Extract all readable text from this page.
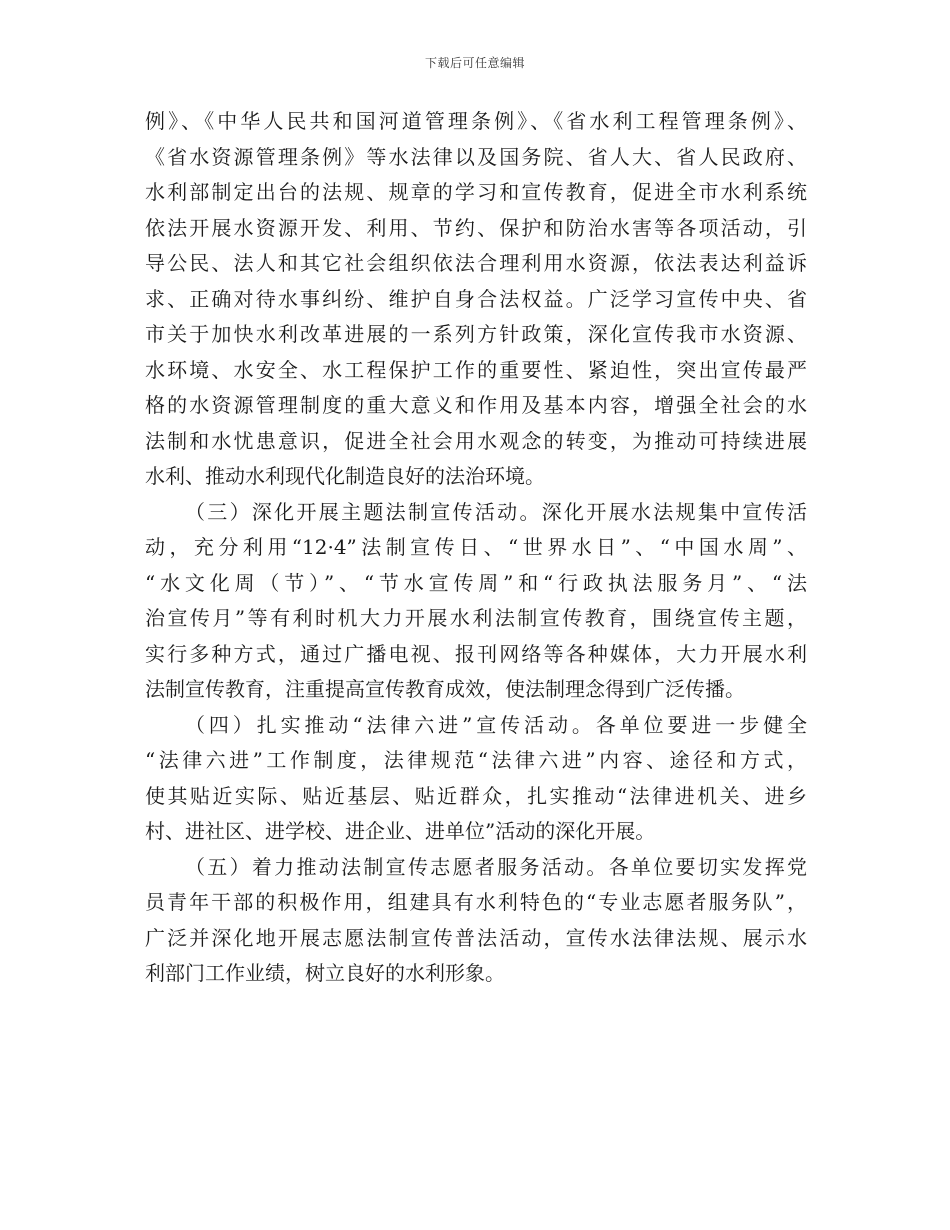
下载后可任意编辑
例》、《中华人民共和国河道管理条例》、《省水利工程管理条例》、
《省水资源管理条例》等水法律以及国务院、省人大、省人民政府、
水利部制定出台的法规、规章的学习和宣传教育，促进全市水利系统
依法开展水资源开发、利用、节约、保护和防治水害等各项活动，引
导公民、法人和其它社会组织依法合理利用水资源，依法表达利益诉
求、正确对待水事纠纷、维护自身合法权益。广泛学习宣传中央、省
市关于加快水利改革进展的一系列方针政策，深化宣传我市水资源、
水环境、水安全、水工程保护工作的重要性、紧迫性，突出宣传最严
格的水资源管理制度的重大意义和作用及基本内容，增强全社会的水
法制和水忧患意识，促进全社会用水观念的转变，为推动可持续进展
水利、推动水利现代化制造良好的法治环境。
（三）深化开展主题法制宣传活动。深化开展水法规集中宣传活
动，充分利用“12·4”法制宣传日、“世界水日”、“中国水周”、
“水文化周（节）”、“节水宣传周”和“行政执法服务月”、“法
治宣传月”等有利时机大力开展水利法制宣传教育，围绕宣传主题，
实行多种方式，通过广播电视、报刊网络等各种媒体，大力开展水利
法制宣传教育，注重提高宣传教育成效，使法制理念得到广泛传播。
（四）扎实推动“法律六进”宣传活动。各单位要进一步健全
“法律六进”工作制度，法律规范“法律六进”内容、途径和方式，
使其贴近实际、贴近基层、贴近群众，扎实推动“法律进机关、进乡
村、进社区、进学校、进企业、进单位”活动的深化开展。
（五）着力推动法制宣传志愿者服务活动。各单位要切实发挥党
员青年干部的积极作用，组建具有水利特色的“专业志愿者服务队”，
广泛并深化地开展志愿法制宣传普法活动，宣传水法律法规、展示水
利部门工作业绩，树立良好的水利形象。
